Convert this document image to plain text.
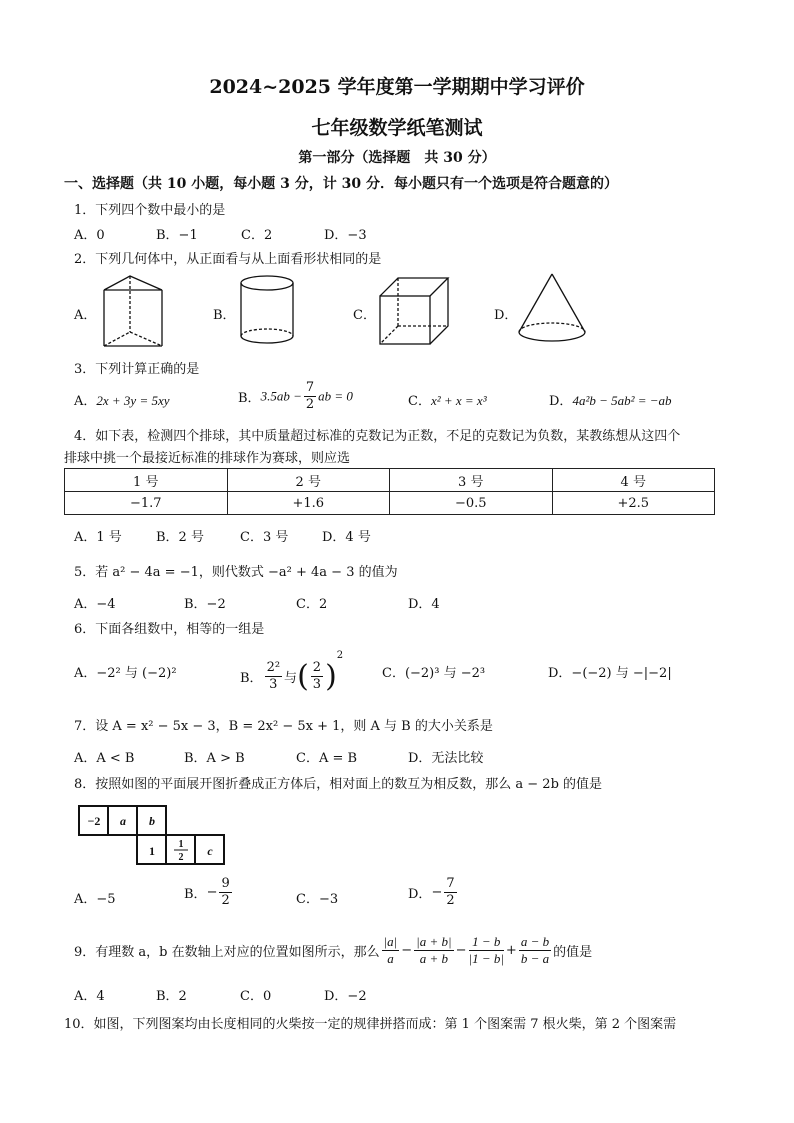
2024~2025 学年度第一学期期中学习评价
七年级数学纸笔测试
第一部分（选择题　共 30 分）
一、选择题（共 10 小题，每小题 3 分，计 30 分．每小题只有一个选项是符合题意的）
1．下列四个数中最小的是
A．0	B．−1	C．2	D．−3
2．下列几何体中，从正面看与从上面看形状相同的是
A．	B．	C．	D．
3．下列计算正确的是
A．2x + 3y = 5xy	B．$3.5ab - \frac{7}{2}$ ab = 0	C．x² + x = x³	D．4a²b − 5ab² = −ab
4．如下表，检测四个排球，其中质量超过标准的克数记为正数，不足的克数记为负数，某教练想从这四个
排球中挑一个最接近标准的排球作为赛球，则应选
1 号	2 号	3 号	4 号
−1.7	+1.6	−0.5	+2.5
A．1 号	B．2 号	C．3 号	D．4 号
5．若 a² − 4a = −1，则代数式 −a² + 4a − 3 的值为
A．−4	B．−2	C．2	D．4
6．下面各组数中，相等的一组是
A．−2² 与 (−2)²	B． $\frac{\text{2²}}{3}$ 与( $\frac{2}{3} )^2$
C．(−2)³ 与 −2³	D．−(−2) 与 −|−2|
7．设 A = x² − 5x − 3，B = 2x² − 5x + 1，则 A 与 B 的大小关系是
A．A < B	B．A > B	C．A = B	D．无法比较
8．按照如图的平面展开图折叠成正方体后，相对面上的数互为相反数，那么 a − 2b 的值是
−2 a b
1 1
2 c
A．−5	B．− $\frac{9}{2}$	C．−3	D．− $\frac{7}{2}$
9．有理数 a，b 在数轴上对应的位置如图所示，那么 $\frac{|a|}{a} - \frac{|a + b|}{a + b} - \frac{1 - b}{|1 - b|} + \frac{a - b}{b - a}$ 的值是
A．4	B．2	C．0	D．−2
10．如图，下列图案均由长度相同的火柴按一定的规律拼搭而成：第 1 个图案需 7 根火柴，第 2 个图案需
